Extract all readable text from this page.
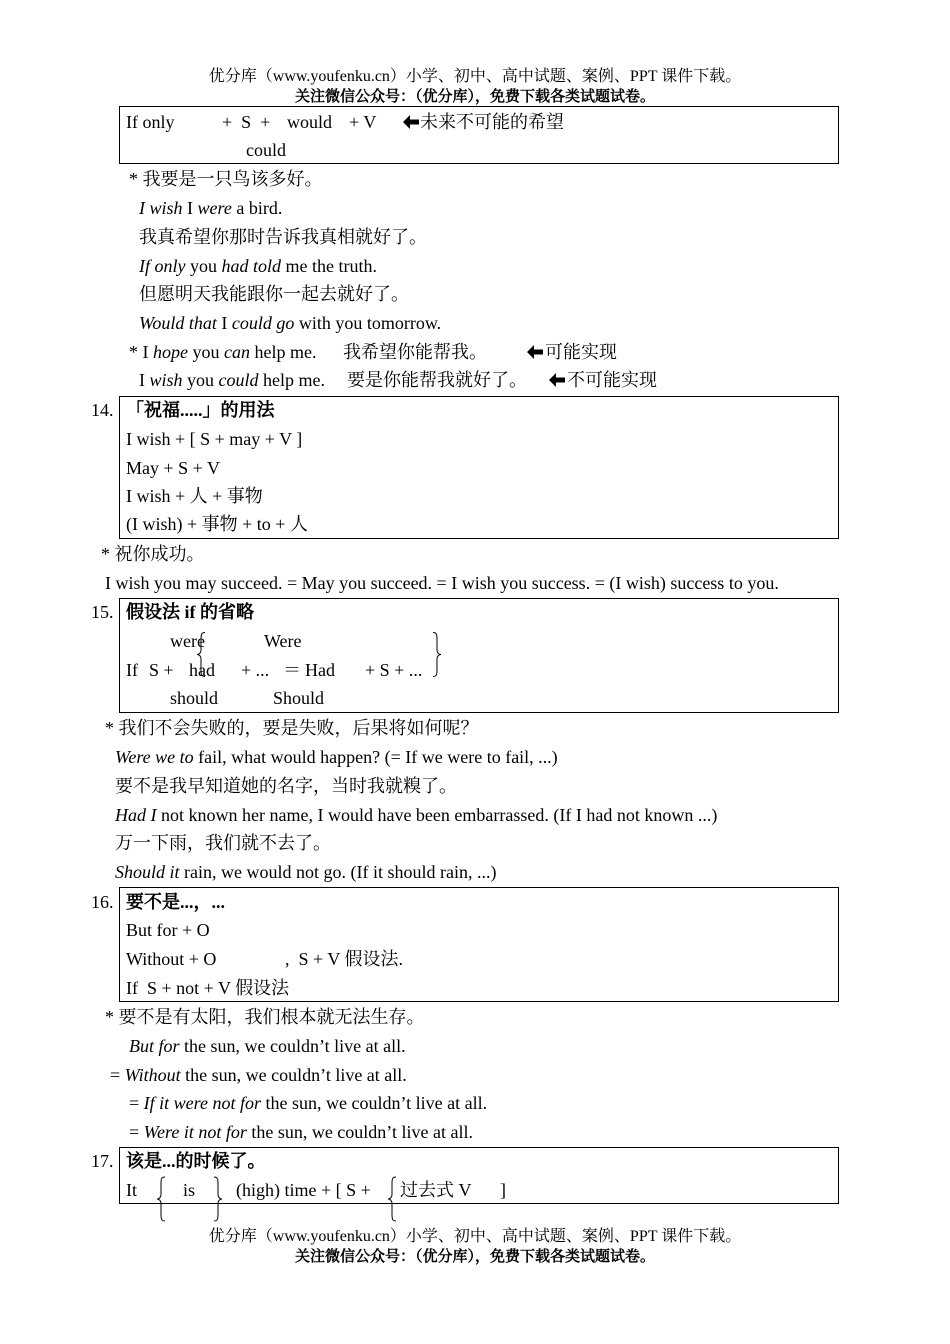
优分库（www.youfenku.cn）小学、初中、高中试题、案例、PPT 课件下载。
关注微信公众号：（优分库），免费下载各类试题试卷。
If only	+  S  + would + V 未来不可能的希望
could
* 我要是一只鸟该多好。
I wish I were a bird.
我真希望你那时告诉我真相就好了。
If only you had told me the truth.
但愿明天我能跟你一起去就好了。
Would that I could go with you tomorrow.
* I hope you can help me. 我希望你能帮我。	可能实现
I wish you could help me. 要是你能帮我就好了。 不可能实现
14. 「祝福.....」的用法
I wish + [ S + may + V ]
May + S + V
I wish + 人 + 事物
(I wish) + 事物 + to + 人
* 祝你成功。
I wish you may succeed. = May you succeed. = I wish you success. = (I wish) success to you.
15. 假设法 if 的省略
were	Were
If S + had + ... ＝ Had + S + ...
should	Should
* 我们不会失败的，要是失败，后果将如何呢？
Were we to fail, what would happen? (= If we were to fail, ...)
要不是我早知道她的名字，当时我就糗了。
Had I not known her name, I would have been embarrassed. (If I had not known ...)
万一下雨，我们就不去了。
Should it rain, we would not go. (If it should rain, ...)
16. 要不是...，...
But for + O
Without + O	,  S + V 假设法.
If  S + not + V 假设法
* 要不是有太阳，我们根本就无法生存。
But for the sun, we couldn’t live at all.
= Without the sun, we couldn’t live at all.
= If it were not for the sun, we couldn’t live at all.
= Were it not for the sun, we couldn’t live at all.
17. 该是...的时候了。
It	is (high) time + [ S + 过去式 V ]
优分库（www.youfenku.cn）小学、初中、高中试题、案例、PPT 课件下载。
关注微信公众号：（优分库），免费下载各类试题试卷。
